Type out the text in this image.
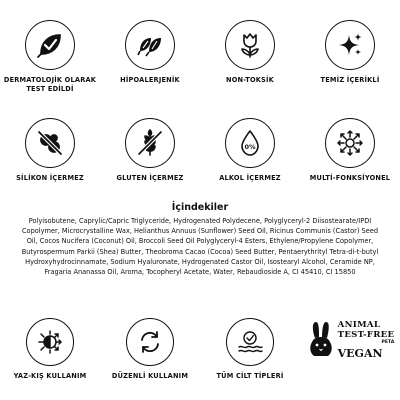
DERMATOLOJİK OLARAK
TEST EDİLDİ
HİPOALERJENİK	NON-TOKSİK	TEMİZ İÇERİKLİ
SİLİKON İÇERMEZ	GLUTEN İÇERMEZ
0%
ALKOL İÇERMEZ	MULTİ-FONKSİYONEL
İçindekiler
Polyisobutene, Caprylic/Capric Triglyceride, Hydrogenated Polydecene, Polyglyceryl-2 Diisostearate/IPDI Copolymer, Microcrystalline Wax, Helianthus Annuus (Sunflower) Seed Oil, Ricinus Communis (Castor) Seed Oil, Cocos Nucifera (Coconut) Oil, Broccoli Seed Oil Polyglyceryl-4 Esters, Ethylene/Propylene Copolymer, Butyrospermum Parkii (Shea) Butter, Theobroma Cacao (Cocoa) Seed Butter, Pentaerythrityl Tetra-di-t-butyl Hydroxyhydrocinnamate, Sodium Hyaluronate, Hydrogenated Castor Oil, Isostearyl Alcohol, Ceramide NP, Fragaria Ananassa Oil, Aroma, Tocopheryl Acetate, Water, Rebaudioside A, CI 45410, CI 15850
YAZ-KIŞ KULLANIM	DÜZENLİ KULLANIM	TÜM CİLT TİPLERİ
ANIMAL
TEST-FREE
PETA
VEGAN
